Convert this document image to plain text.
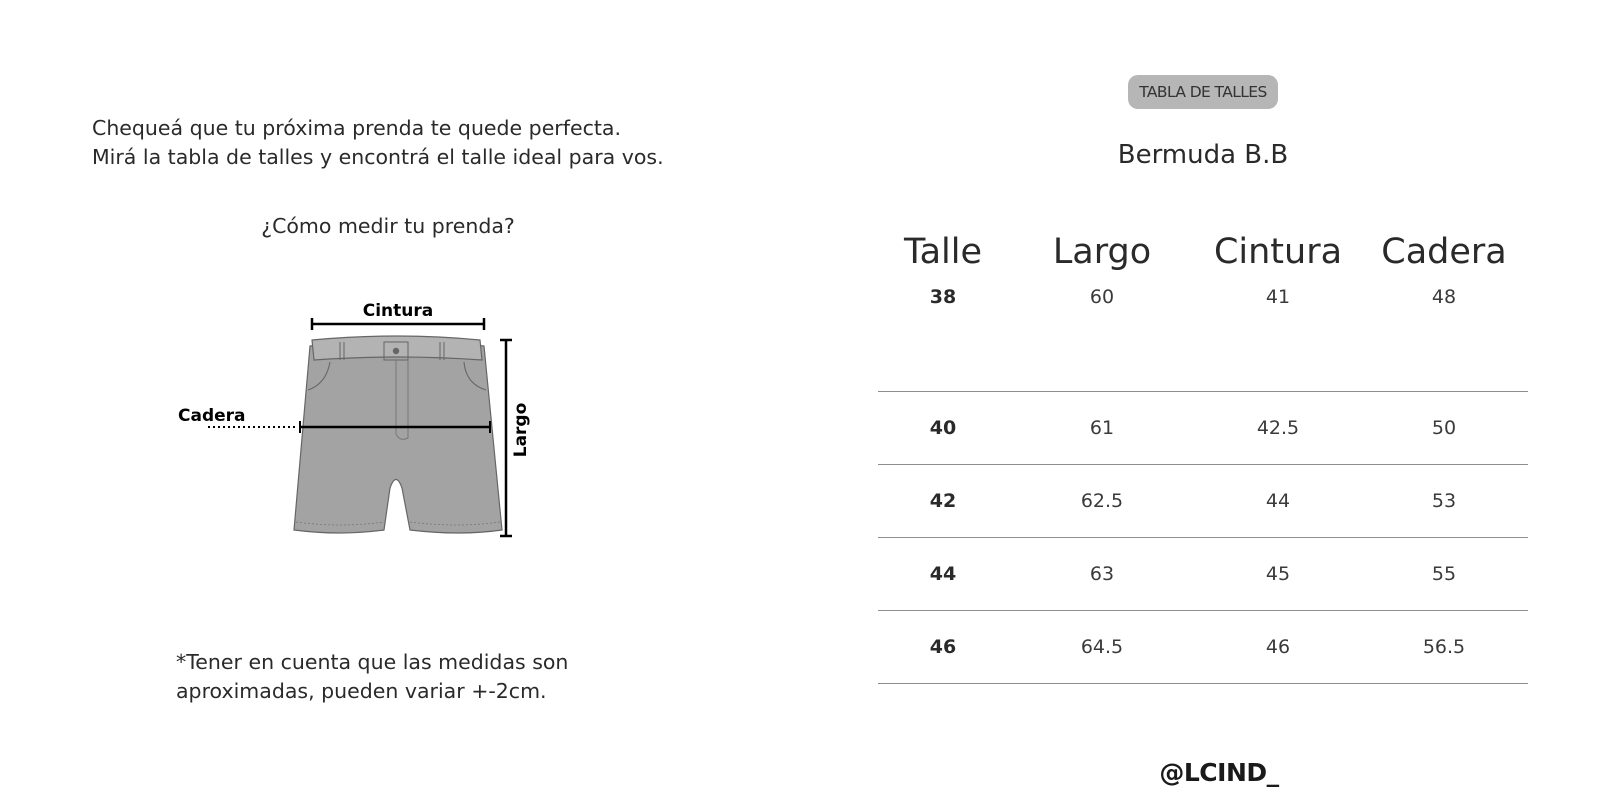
Chequeá que tu próxima prenda te quede perfecta.
Mirá la tabla de talles y encontrá el talle ideal para vos.

¿Cómo medir tu prenda?

Cintura
Cadera	Largo

*Tener en cuenta que las medidas son
aproximadas, pueden variar +-2cm.

TABLA DE TALLES
Bermuda B.B
Talle	Largo	Cintura	Cadera
38	60	41	48
40	61	42.5	50
42	62.5	44	53
44	63	45	55
46	64.5	46	56.5
@LCIND_
